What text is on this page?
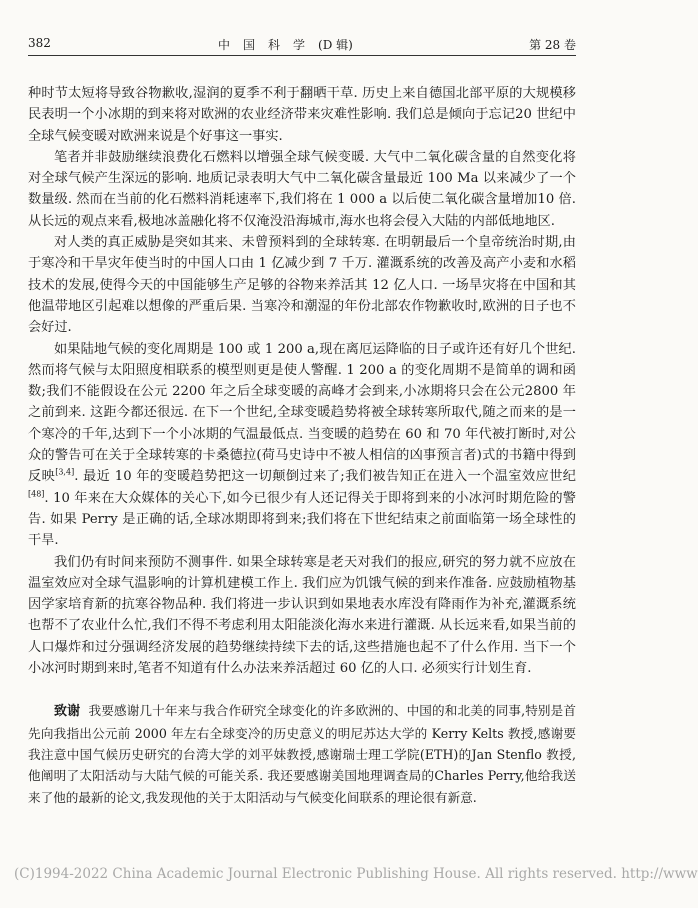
382	中国科学(D 辑)	第 28 卷

种时节太短将导致谷物歉收,湿润的夏季不利于翻晒干草. 历史上来自德国北部平原的大规模移民表明一个小冰期的到来将对欧洲的农业经济带来灾难性影响. 我们总是倾向于忘记20 世纪中全球气候变暖对欧洲来说是个好事这一事实.

笔者并非鼓励继续浪费化石燃料以增强全球气候变暖. 大气中二氧化碳含量的自然变化将对全球气候产生深远的影响. 地质记录表明大气中二氧化碳含量最近 100 Ma 以来减少了一个数量级. 然而在当前的化石燃料消耗速率下,我们将在 1 000 a 以后使二氧化碳含量增加10 倍. 从长远的观点来看,极地冰盖融化将不仅淹没沿海城市,海水也将会侵入大陆的内部低地地区.

对人类的真正威胁是突如其来、未曾预料到的全球转寒. 在明朝最后一个皇帝统治时期,由于寒冷和干旱灾年使当时的中国人口由 1 亿减少到 7 千万. 灌溉系统的改善及高产小麦和水稻技术的发展,使得今天的中国能够生产足够的谷物来养活其 12 亿人口. 一场旱灾将在中国和其他温带地区引起难以想像的严重后果. 当寒冷和潮湿的年份北部农作物歉收时,欧洲的日子也不会好过.

如果陆地气候的变化周期是 100 或 1 200 a,现在离厄运降临的日子或许还有好几个世纪. 然而将气候与太阳照度相联系的模型则更是使人警醒. 1 200 a 的变化周期不是简单的调和函数;我们不能假设在公元 2200 年之后全球变暖的高峰才会到来,小冰期将只会在公元2800 年之前到来. 这距今都还很远. 在下一个世纪,全球变暖趋势将被全球转寒所取代,随之而来的是一个寒冷的千年,达到下一个小冰期的气温最低点. 当变暖的趋势在 60 和 70 年代被打断时,对公众的警告可在关于全球转寒的卡桑德拉(荷马史诗中不被人相信的凶事预言者)式的书籍中得到反映[3,4]. 最近 10 年的变暖趋势把这一切颠倒过来了;我们被告知正在进入一个温室效应世纪[48]. 10 年来在大众媒体的关心下,如今已很少有人还记得关于即将到来的小冰河时期危险的警告. 如果 Perry 是正确的话,全球冰期即将到来;我们将在下世纪结束之前面临第一场全球性的干旱.

我们仍有时间来预防不测事件. 如果全球转寒是老天对我们的报应,研究的努力就不应放在温室效应对全球气温影响的计算机建模工作上. 我们应为饥饿气候的到来作准备. 应鼓励植物基因学家培育新的抗寒谷物品种. 我们将进一步认识到如果地表水库没有降雨作为补充,灌溉系统也帮不了农业什么忙,我们不得不考虑利用太阳能淡化海水来进行灌溉. 从长远来看,如果当前的人口爆炸和过分强调经济发展的趋势继续持续下去的话,这些措施也起不了什么作用. 当下一个小冰河时期到来时,笔者不知道有什么办法来养活超过 60 亿的人口. 必须实行计划生育.

致谢 我要感谢几十年来与我合作研究全球变化的许多欧洲的、中国的和北美的同事,特别是首先向我指出公元前 2000 年左右全球变冷的历史意义的明尼苏达大学的 Kerry Kelts 教授,感谢要我注意中国气候历史研究的台湾大学的刘平妹教授,感谢瑞士理工学院(ETH)的Jan Stenflo 教授,他阐明了太阳活动与大陆气候的可能关系. 我还要感谢美国地理调查局的Charles Perry,他给我送来了他的最新的论文,我发现他的关于太阳活动与气候变化间联系的理论很有新意.

(C)1994-2022 China Academic Journal Electronic Publishing House. All rights reserved. http://www
